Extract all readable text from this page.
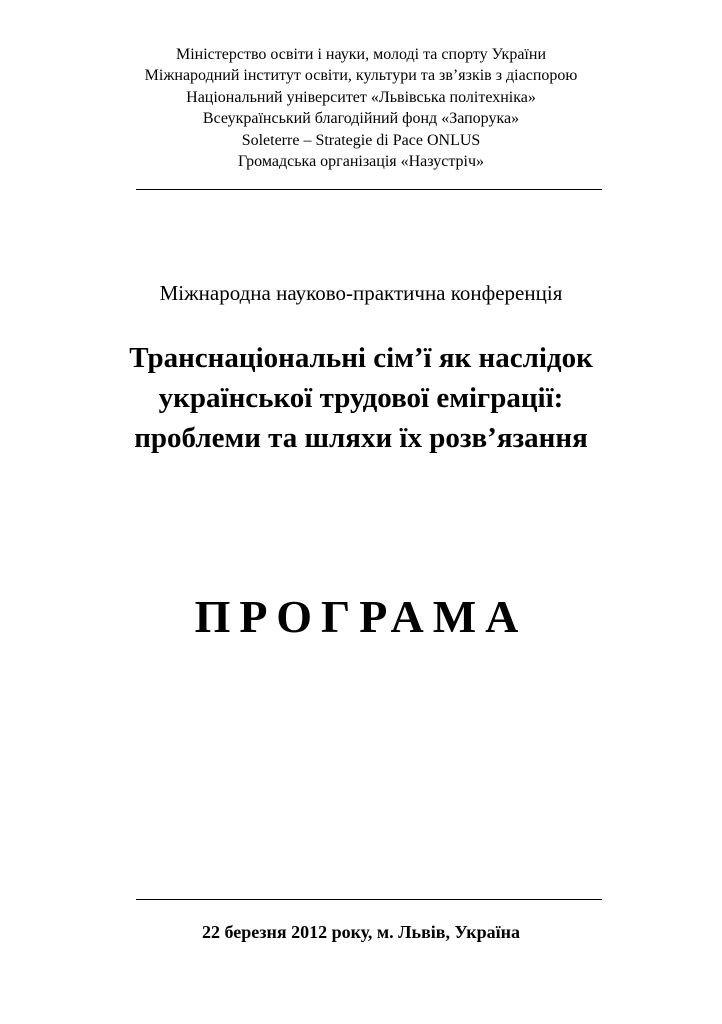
Міністерство освіти і науки, молоді та спорту України
Міжнародний інститут освіти, культури та зв’язків з діаспорою
Національний університет «Львівська політехніка»
Всеукраїнський благодійний фонд «Запорука»
Soleterre – Strategie di Pace ONLUS
Громадська організація «Назустріч»
Міжнародна науково-практична конференція
Транснаціональні сім’ї як наслідок
української трудової еміграції:
проблеми та шляхи їх розв’язання
ПРОГРАМА
22 березня 2012 року, м. Львів, Україна
